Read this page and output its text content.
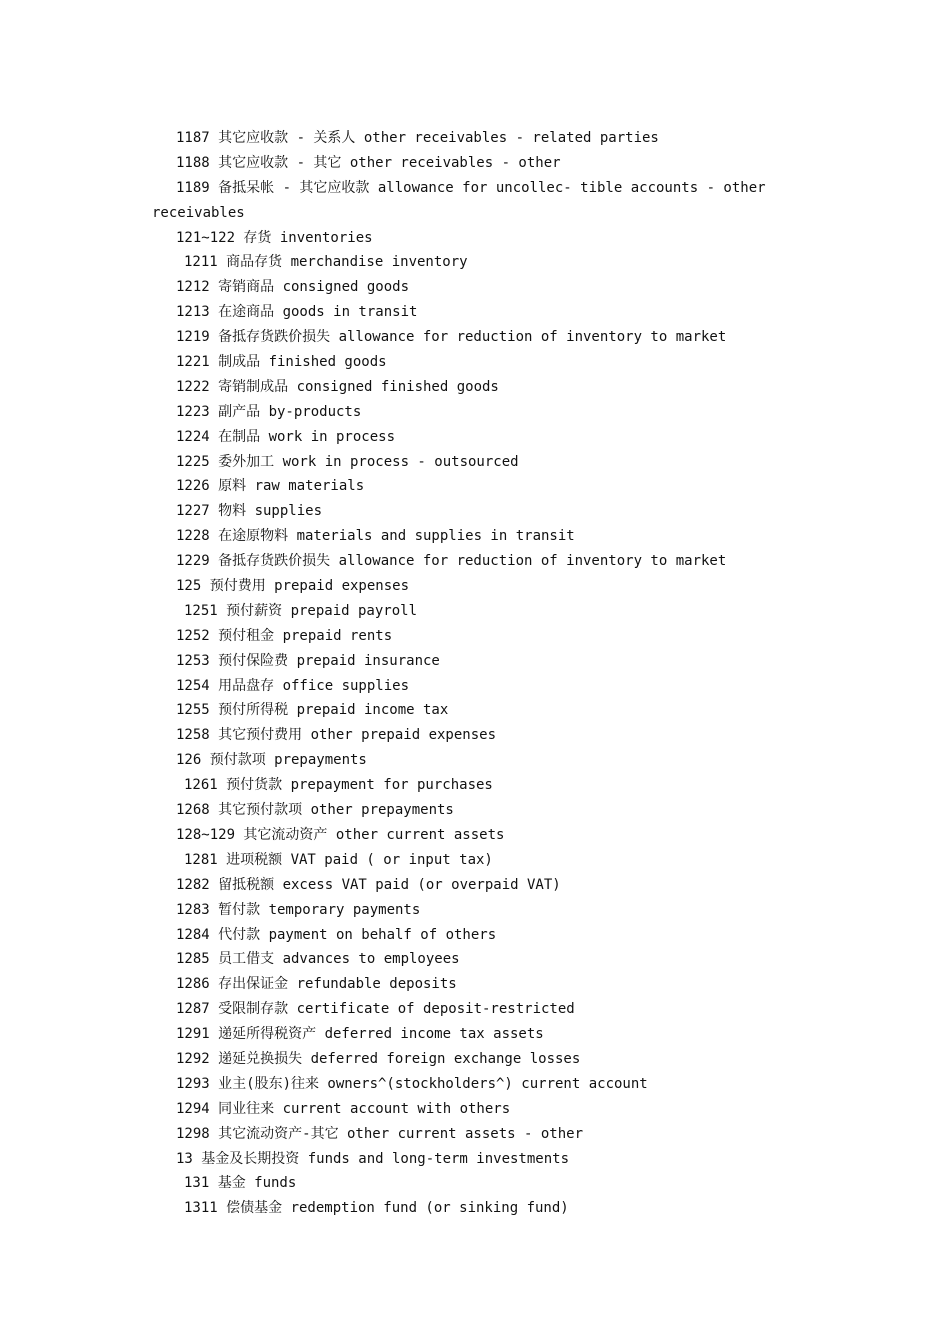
1187 其它应收款 - 关系人 other receivables - related parties
1188 其它应收款 - 其它 other receivables - other
1189 备抵呆帐 - 其它应收款 allowance for uncollec- tible accounts - other
receivables
121~122 存货 inventories
1211 商品存货 merchandise inventory
1212 寄销商品 consigned goods
1213 在途商品 goods in transit
1219 备抵存货跌价损失 allowance for reduction of inventory to market
1221 制成品 finished goods
1222 寄销制成品 consigned finished goods
1223 副产品 by-products
1224 在制品 work in process
1225 委外加工 work in process - outsourced
1226 原料 raw materials
1227 物料 supplies
1228 在途原物料 materials and supplies in transit
1229 备抵存货跌价损失 allowance for reduction of inventory to market
125 预付费用 prepaid expenses
1251 预付薪资 prepaid payroll
1252 预付租金 prepaid rents
1253 预付保险费 prepaid insurance
1254 用品盘存 office supplies
1255 预付所得税 prepaid income tax
1258 其它预付费用 other prepaid expenses
126 预付款项 prepayments
1261 预付货款 prepayment for purchases
1268 其它预付款项 other prepayments
128~129 其它流动资产 other current assets
1281 进项税额 VAT paid ( or input tax)
1282 留抵税额 excess VAT paid (or overpaid VAT)
1283 暂付款 temporary payments
1284 代付款 payment on behalf of others
1285 员工借支 advances to employees
1286 存出保证金 refundable deposits
1287 受限制存款 certificate of deposit-restricted
1291 递延所得税资产 deferred income tax assets
1292 递延兑换损失 deferred foreign exchange losses
1293 业主(股东)往来 owners^(stockholders^) current account
1294 同业往来 current account with others
1298 其它流动资产-其它 other current assets - other
13 基金及长期投资 funds and long-term investments
131 基金 funds
1311 偿债基金 redemption fund (or sinking fund)
